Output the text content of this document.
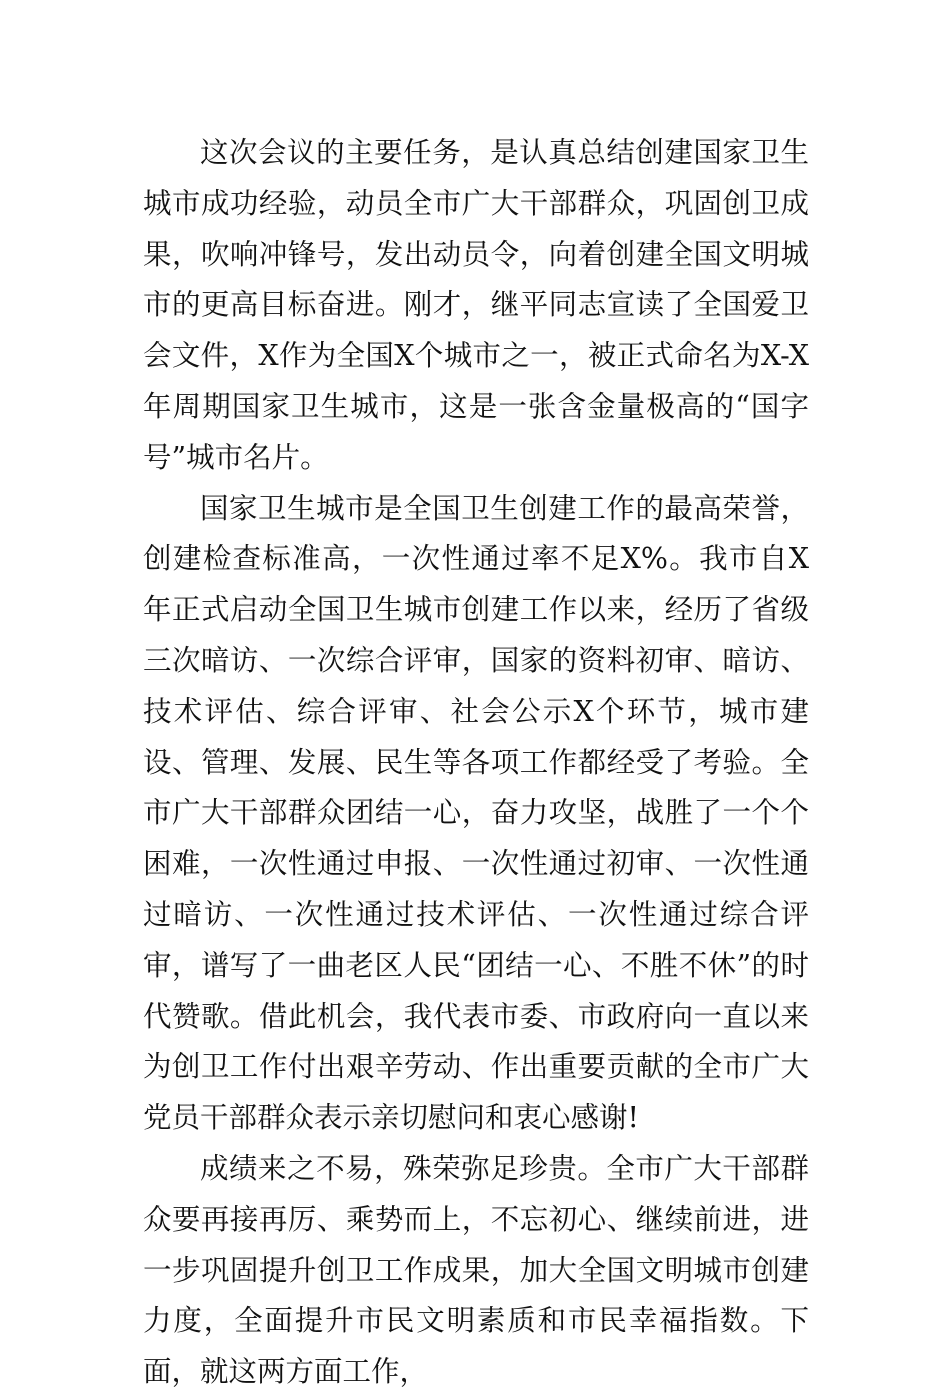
这次会议的主要任务，是认真总结创建国家卫生城市成功经验，动员全市广大干部群众，巩固创卫成果，吹响冲锋号，发出动员令，向着创建全国文明城市的更高目标奋进。刚才，继平同志宣读了全国爱卫会文件，X作为全国X个城市之一，被正式命名为X-X年周期国家卫生城市，这是一张含金量极高的“国字号”城市名片。

国家卫生城市是全国卫生创建工作的最高荣誉，创建检查标准高，一次性通过率不足X%。我市自X年正式启动全国卫生城市创建工作以来，经历了省级三次暗访、一次综合评审，国家的资料初审、暗访、技术评估、综合评审、社会公示X个环节，城市建设、管理、发展、民生等各项工作都经受了考验。全市广大干部群众团结一心，奋力攻坚，战胜了一个个困难，一次性通过申报、一次性通过初审、一次性通过暗访、一次性通过技术评估、一次性通过综合评审，谱写了一曲老区人民“团结一心、不胜不休”的时代赞歌。借此机会，我代表市委、市政府向一直以来为创卫工作付出艰辛劳动、作出重要贡献的全市广大党员干部群众表示亲切慰问和衷心感谢!

成绩来之不易，殊荣弥足珍贵。全市广大干部群众要再接再厉、乘势而上，不忘初心、继续前进，进一步巩固提升创卫工作成果，加大全国文明城市创建力度，全面提升市民文明素质和市民幸福指数。下面，就这两方面工作，
